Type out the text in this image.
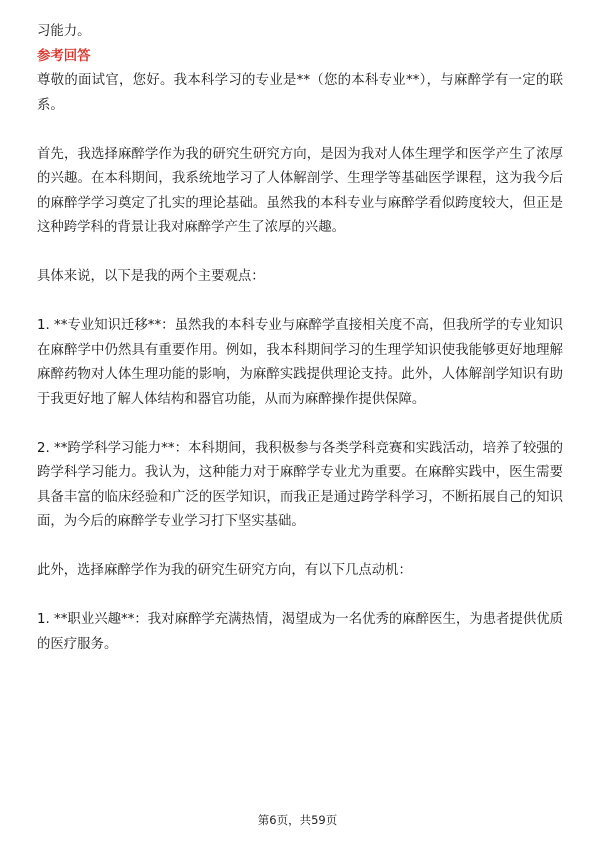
习能力。

参考回答

尊敬的面试官，您好。我本科学习的专业是**（您的本科专业**），与麻醉学有一定的联系。

首先，我选择麻醉学作为我的研究生研究方向，是因为我对人体生理学和医学产生了浓厚的兴趣。在本科期间，我系统地学习了人体解剖学、生理学等基础医学课程，这为我今后的麻醉学学习奠定了扎实的理论基础。虽然我的本科专业与麻醉学看似跨度较大，但正是这种跨学科的背景让我对麻醉学产生了浓厚的兴趣。

具体来说，以下是我的两个主要观点：

1. **专业知识迁移**：虽然我的本科专业与麻醉学直接相关度不高，但我所学的专业知识在麻醉学中仍然具有重要作用。例如，我本科期间学习的生理学知识使我能够更好地理解麻醉药物对人体生理功能的影响，为麻醉实践提供理论支持。此外，人体解剖学知识有助于我更好地了解人体结构和器官功能，从而为麻醉操作提供保障。

2. **跨学科学习能力**：本科期间，我积极参与各类学科竞赛和实践活动，培养了较强的跨学科学习能力。我认为，这种能力对于麻醉学专业尤为重要。在麻醉实践中，医生需要具备丰富的临床经验和广泛的医学知识，而我正是通过跨学科学习，不断拓展自己的知识面，为今后的麻醉学专业学习打下坚实基础。

此外，选择麻醉学作为我的研究生研究方向，有以下几点动机：

1. **职业兴趣**：我对麻醉学充满热情，渴望成为一名优秀的麻醉医生，为患者提供优质的医疗服务。

第6页，共59页
